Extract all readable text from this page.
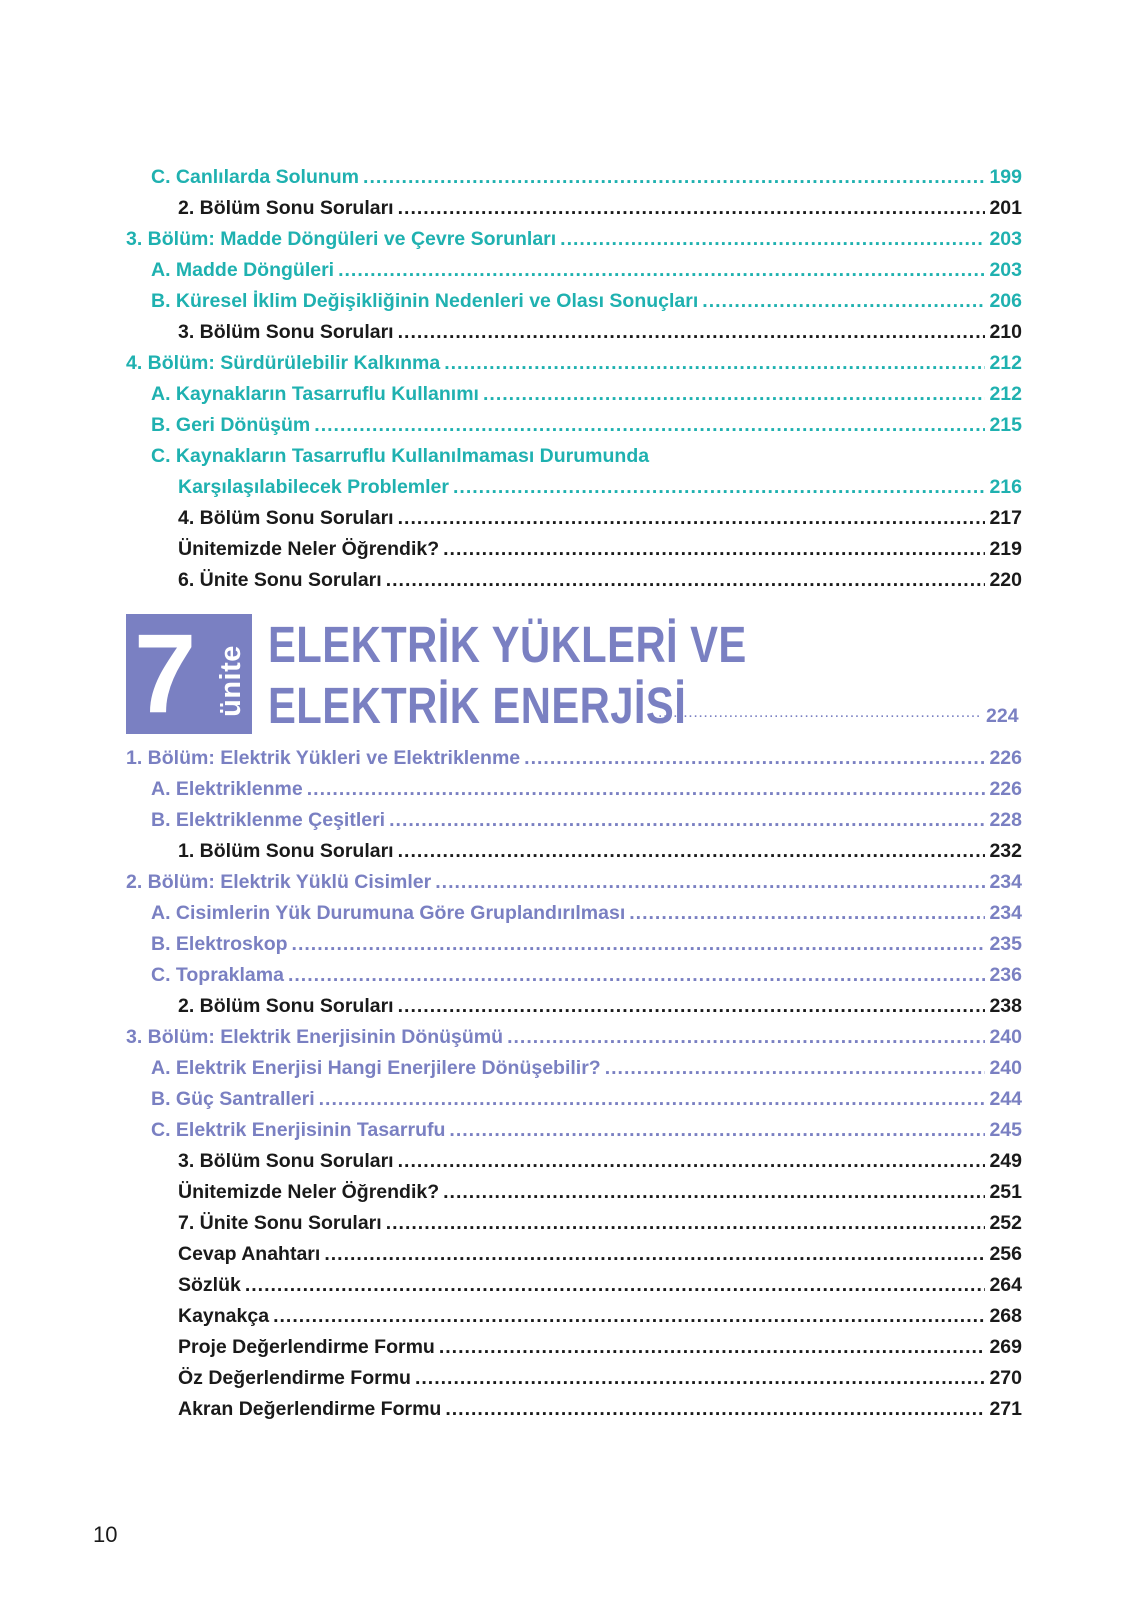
C. Canlılarda Solunum .....	199
2. Bölüm Sonu Soruları .....	201
3. Bölüm: Madde Döngüleri ve Çevre Sorunları .....	203
A. Madde Döngüleri .....	203
B. Küresel İklim Değişikliğinin Nedenleri ve Olası Sonuçları .....	206
3. Bölüm Sonu Soruları .....	210
4. Bölüm: Sürdürülebilir Kalkınma .....	212
A. Kaynakların Tasarruflu Kullanımı .....	212
B. Geri Dönüşüm .....	215
C. Kaynakların Tasarruflu Kullanılmaması Durumunda
Karşılaşılabilecek Problemler .....	216
4. Bölüm Sonu Soruları .....	217
Ünitemizde Neler Öğrendik? .....	219
6. Ünite Sonu Soruları .....	220
7 ünite
ELEKTRİK YÜKLERİ VE
ELEKTRİK ENERJİSİ .....	224
1. Bölüm: Elektrik Yükleri ve Elektriklenme .....	226
A. Elektriklenme .....	226
B. Elektriklenme Çeşitleri .....	228
1. Bölüm Sonu Soruları .....	232
2. Bölüm: Elektrik Yüklü Cisimler .....	234
A. Cisimlerin Yük Durumuna Göre Gruplandırılması .....	234
B. Elektroskop .....	235
C. Topraklama .....	236
2. Bölüm Sonu Soruları .....	238
3. Bölüm: Elektrik Enerjisinin Dönüşümü .....	240
A. Elektrik Enerjisi Hangi Enerjilere Dönüşebilir? .....	240
B. Güç Santralleri .....	244
C. Elektrik Enerjisinin Tasarrufu .....	245
3. Bölüm Sonu Soruları .....	249
Ünitemizde Neler Öğrendik? .....	251
7. Ünite Sonu Soruları .....	252
Cevap Anahtarı .....	256
Sözlük .....	264
Kaynakça .....	268
Proje Değerlendirme Formu .....	269
Öz Değerlendirme Formu .....	270
Akran Değerlendirme Formu .....	271
10
